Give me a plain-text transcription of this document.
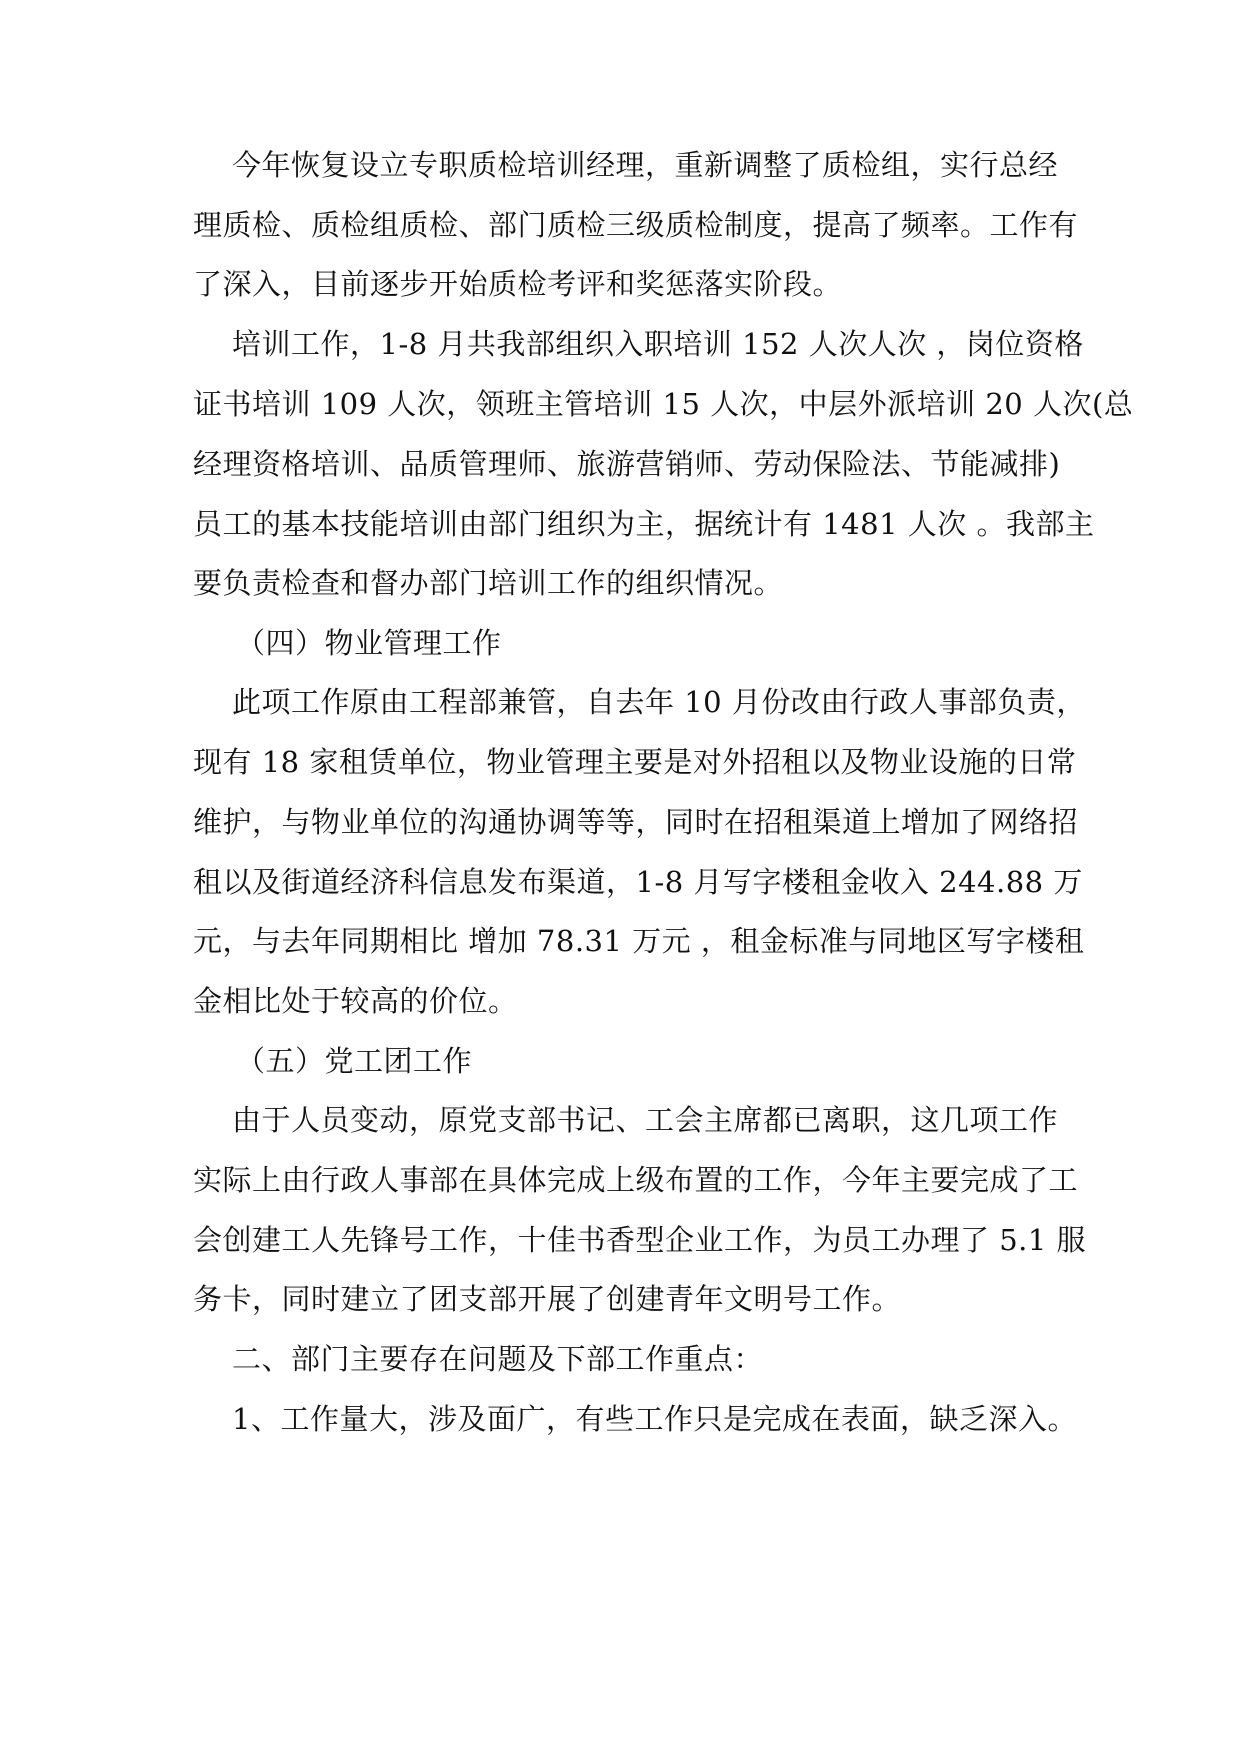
今年恢复设立专职质检培训经理，重新调整了质检组，实行总经
理质检、质检组质检、部门质检三级质检制度，提高了频率。工作有
了深入，目前逐步开始质检考评和奖惩落实阶段。
培训工作，1-8 月共我部组织入职培训 152 人次人次 ，岗位资格
证书培训 109 人次，领班主管培训 15 人次，中层外派培训 20 人次(总
经理资格培训、品质管理师、旅游营销师、劳动保险法、节能减排)
员工的基本技能培训由部门组织为主，据统计有 1481 人次 。我部主
要负责检查和督办部门培训工作的组织情况。
（四）物业管理工作
此项工作原由工程部兼管，自去年 10 月份改由行政人事部负责，
现有 18 家租赁单位，物业管理主要是对外招租以及物业设施的日常
维护，与物业单位的沟通协调等等，同时在招租渠道上增加了网络招
租以及街道经济科信息发布渠道，1-8 月写字楼租金收入 244.88 万
元，与去年同期相比 增加 78.31 万元 ，租金标准与同地区写字楼租
金相比处于较高的价位。
（五）党工团工作
由于人员变动，原党支部书记、工会主席都已离职，这几项工作
实际上由行政人事部在具体完成上级布置的工作，今年主要完成了工
会创建工人先锋号工作，十佳书香型企业工作，为员工办理了 5.1 服
务卡，同时建立了团支部开展了创建青年文明号工作。
二、部门主要存在问题及下部工作重点：
1、工作量大，涉及面广，有些工作只是完成在表面，缺乏深入。
